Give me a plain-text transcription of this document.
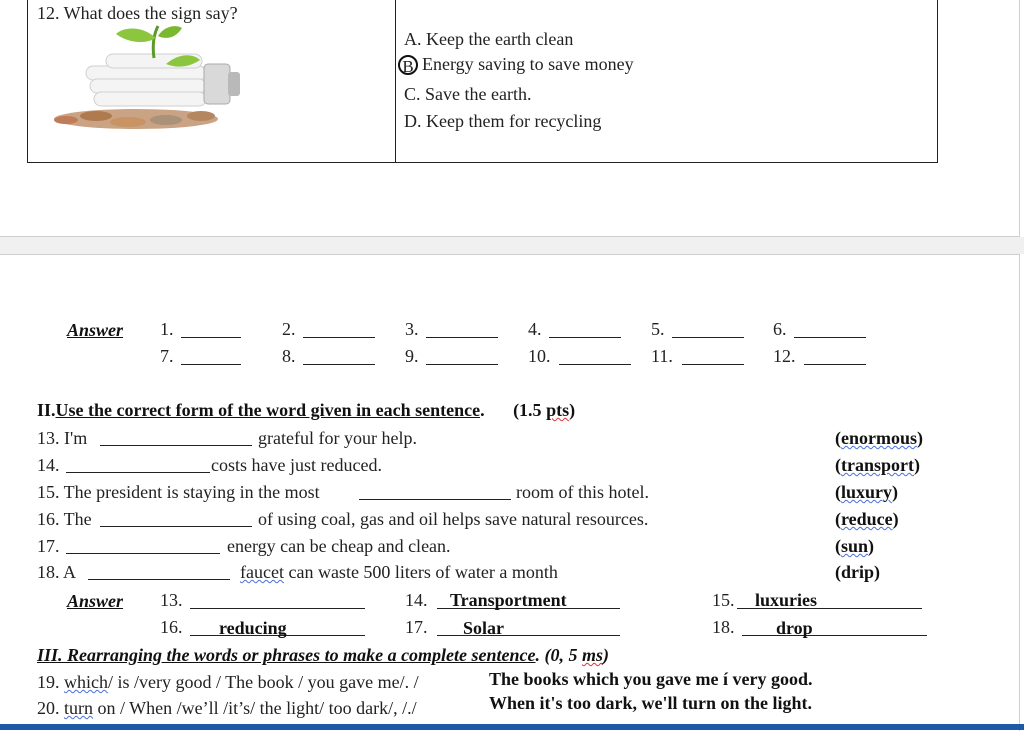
12. What does the sign say?
A. Keep the earth clean
B Energy saving to save money
C. Save the earth.
D. Keep them for recycling
Answer 1.	2.	3.	4.	5.	6.
7.	8.	9.	10.	11.	12.
II.Use the correct form of the word given in each sentence. (1.5 pts)
13. I'm	grateful for your help.	(enormous)
14.	costs have just reduced.	(transport)
15. The president is staying in the most	room of this hotel.	(luxury)
16. The	of using coal, gas and oil helps save natural resources.	(reduce)
17.	energy can be cheap and clean.	(sun)
18. A	faucet can waste 500 liters of water a month	(drip)
Answer 13.	14. Transportment	15. luxuries
16. reducing	17. Solar	18. drop
III. Rearranging the words or phrases to make a complete sentence. (0, 5 ms)
19. which/ is /very good / The book / you gave me/. /	The books which you gave me í very good.
20. turn on / When /we’ll /it’s/ the light/ too dark/, /./	When it's too dark, we'll turn on the light.
